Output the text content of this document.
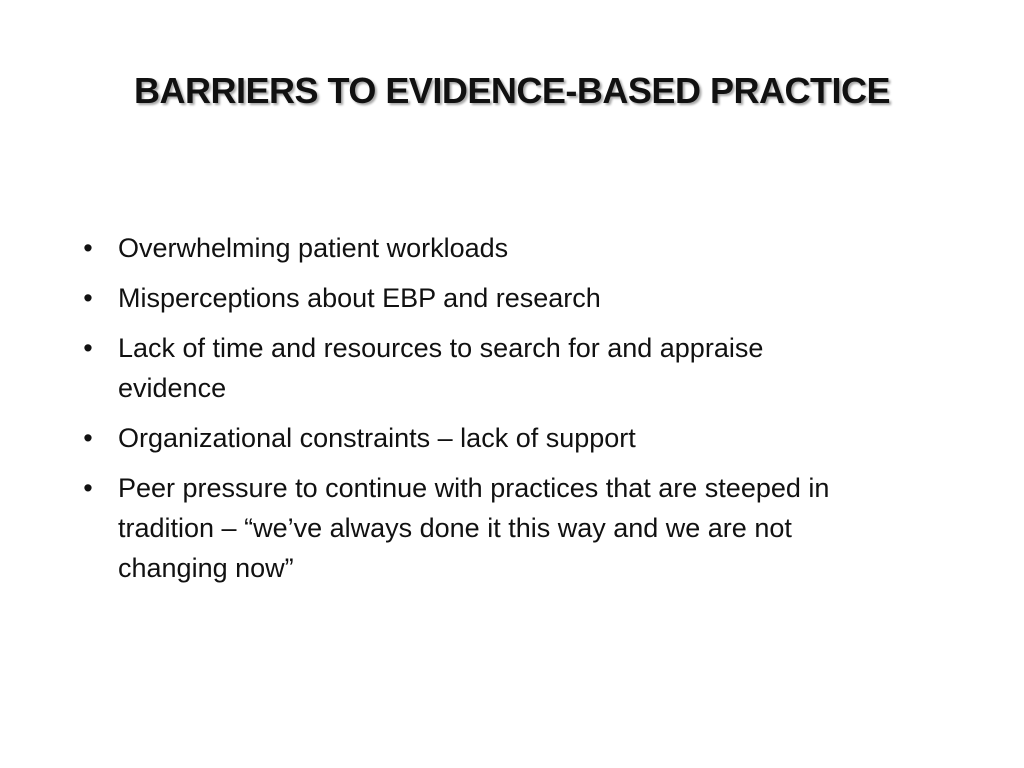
BARRIERS TO EVIDENCE-BASED PRACTICE
• Overwhelming patient workloads
• Misperceptions about EBP and research
• Lack of time and resources to search for and appraise evidence
• Organizational constraints – lack of support
• Peer pressure to continue with practices that are steeped in tradition – “we’ve always done it this way and we are not changing now”
